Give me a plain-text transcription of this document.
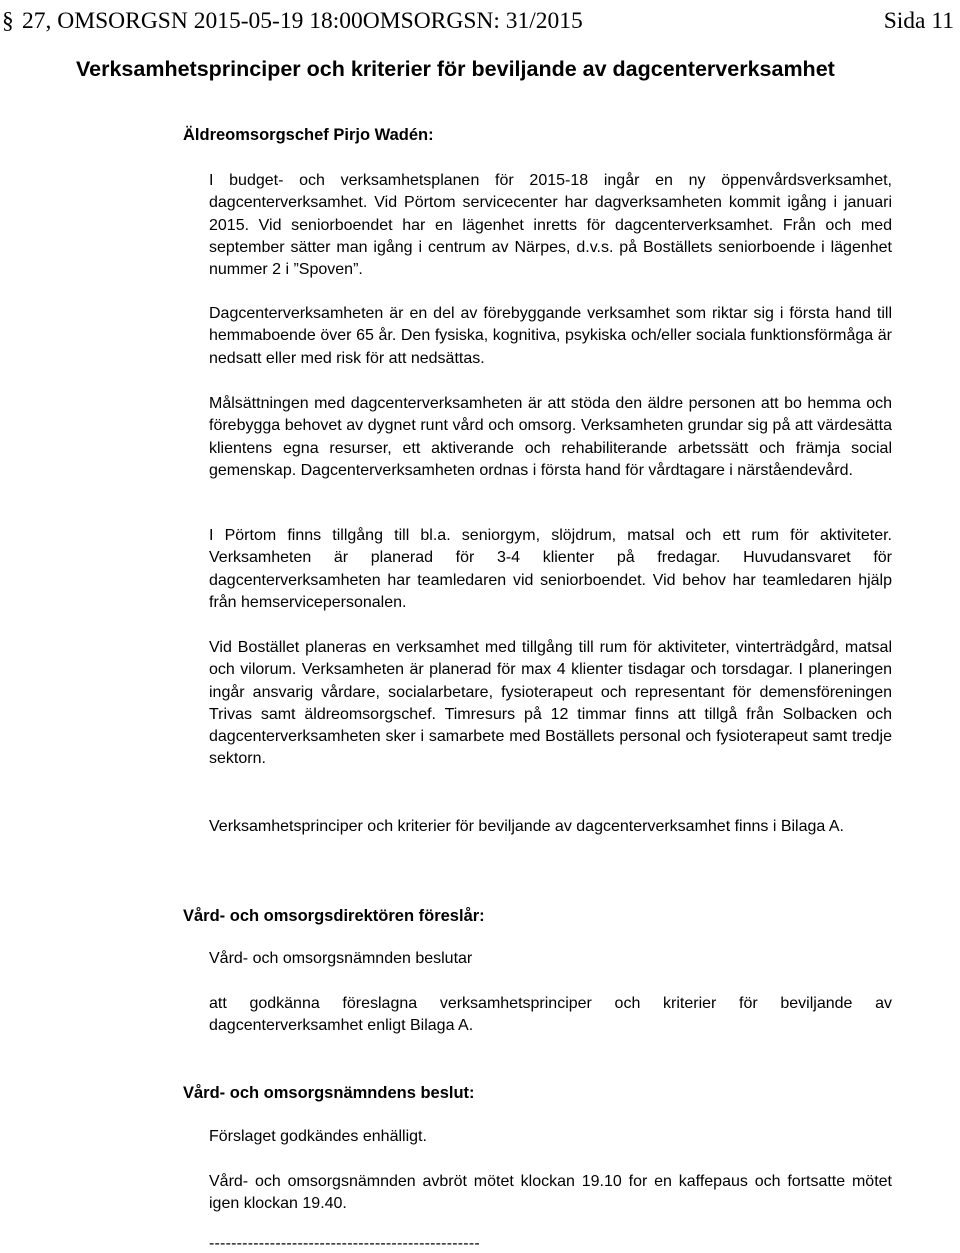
§ 27, OMSORGSN 2015-05-19 18:00OMSORGSN: 31/2015	Sida 11
Verksamhetsprinciper och kriterier för beviljande av dagcenterverksamhet
Äldreomsorgschef Pirjo Wadén:

I budget- och verksamhetsplanen för 2015-18 ingår en ny öppenvårdsverksamhet, dagcenterverksamhet. Vid Pörtom servicecenter har dagverksamheten kommit igång i januari 2015. Vid seniorboendet har en lägenhet inretts för dagcenterverksamhet. Från och med september sätter man igång i centrum av Närpes, d.v.s. på Boställets seniorboende i lägenhet nummer 2 i ”Spoven”.

Dagcenterverksamheten är en del av förebyggande verksamhet som riktar sig i första hand till hemmaboende över 65 år. Den fysiska, kognitiva, psykiska och/eller sociala funktionsförmåga är nedsatt eller med risk för att nedsättas.

Målsättningen med dagcenterverksamheten är att stöda den äldre personen att bo hemma och förebygga behovet av dygnet runt vård och omsorg. Verksamheten grundar sig på att värdesätta klientens egna resurser, ett aktiverande och rehabiliterande arbetssätt och främja social gemenskap. Dagcenterverksamheten ordnas i första hand för vårdtagare i närståendevård.

I Pörtom finns tillgång till bl.a. seniorgym, slöjdrum, matsal och ett rum för aktiviteter. Verksamheten är planerad för 3-4 klienter på fredagar. Huvudansvaret för dagcenterverksamheten har teamledaren vid seniorboendet. Vid behov har teamledaren hjälp från hemservicepersonalen.

Vid Bostället planeras en verksamhet med tillgång till rum för aktiviteter, vinterträdgård, matsal och vilorum. Verksamheten är planerad för max 4 klienter tisdagar och torsdagar. I planeringen ingår ansvarig vårdare, socialarbetare, fysioterapeut och representant för demensföreningen Trivas samt äldreomsorgschef. Timresurs på 12 timmar finns att tillgå från Solbacken och dagcenterverksamheten sker i samarbete med Boställets personal och fysioterapeut samt tredje sektorn.

Verksamhetsprinciper och kriterier för beviljande av dagcenterverksamhet finns i Bilaga A.

Vård- och omsorgsdirektören föreslår:

Vård- och omsorgsnämnden beslutar

att godkänna föreslagna verksamhetsprinciper och kriterier för beviljande av dagcenterverksamhet enligt Bilaga A.

Vård- och omsorgsnämndens beslut:

Förslaget godkändes enhälligt.

Vård- och omsorgsnämnden avbröt mötet klockan 19.10 for en kaffepaus och fortsatte mötet igen klockan 19.40.

-------------------------------------------------
